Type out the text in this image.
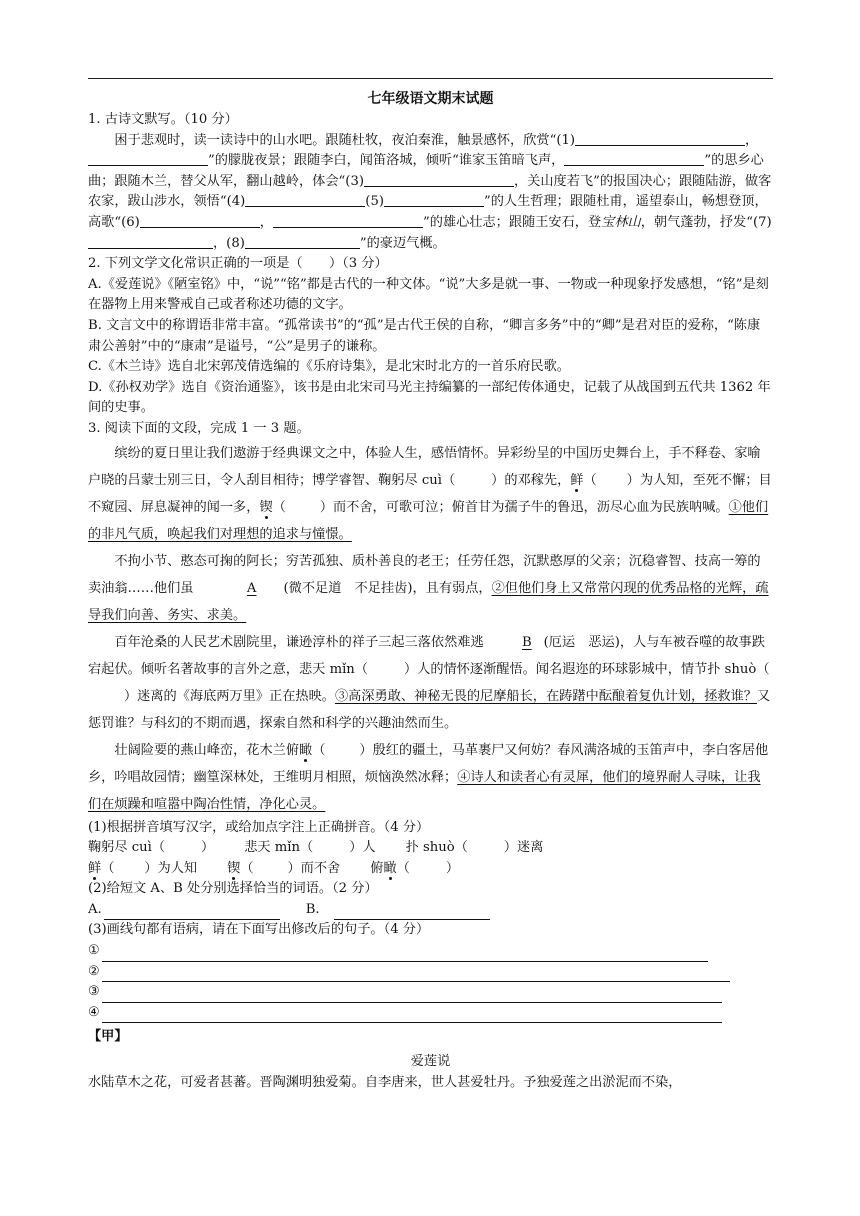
七年级语文期末试题

1. 古诗文默写。（10 分）

困于悲观时，读一读诗中的山水吧。跟随杜牧，夜泊秦淮，触景感怀，欣赏“(1)	，”的朦胧夜景；跟随李白，闻笛洛城，倾听“谁家玉笛暗飞声，	”的思乡心曲；跟随木兰，替父从军，翻山越岭，体会“(3)	，关山度若飞”的报国决心；跟随陆游，做客农家，跋山涉水，领悟“(4)	(5)	”的人生哲理；跟随杜甫，遥望泰山，畅想登顶，高歌“(6)	，	”的雄心壮志；跟随王安石，登宝林山，朝气蓬勃，抒发“(7)，(8)	”的豪迈气概。

2. 下列文学文化常识正确的一项是（　　）（3 分）

A.《爱莲说》《陋室铭》中，“说”“铭”都是古代的一种文体。“说”大多是就一事、一物或一种现象抒发感想，“铭”是刻在器物上用来警戒自己或者称述功德的文字。

B. 文言文中的称谓语非常丰富。“孤常读书”的“孤”是古代王侯的自称，“卿言多务”中的“卿”是君对臣的爱称，“陈康肃公善射”中的“康肃”是谥号，“公”是男子的谦称。

C.《木兰诗》选自北宋郭茂倩选编的《乐府诗集》，是北宋时北方的一首乐府民歌。

D.《孙权劝学》选自《资治通鉴》，该书是由北宋司马光主持编纂的一部纪传体通史，记载了从战国到五代共 1362 年间的史事。

3. 阅读下面的文段，完成 1 一 3 题。

缤纷的夏日里让我们遨游于经典课文之中，体验人生，感悟情怀。异彩纷呈的中国历史舞台上，手不释卷、家喻户晓的吕蒙士别三日，令人刮目相待；博学睿智、鞠躬尽 cuì（	）的邓稼先，鲜（ ）为人知，至死不懈；目不窥园、屏息凝神的闻一多，锲（	）而不舍，可歌可泣；俯首甘为孺子牛的鲁迅，沥尽心血为民族呐喊。①他们的非凡气质，唤起我们对理想的追求与憧憬。

不拘小节、憨态可掬的阿长；穷苦孤独、质朴善良的老王；任劳任怨，沉默憨厚的父亲；沉稳睿智、技高一筹的卖油翁……他们虽	A (微不足道　不足挂齿)，且有弱点，②但他们身上又常常闪现的优秀品格的光辉，疏导我们向善、务实、求美。

百年沧桑的人民艺术剧院里，谦逊淳朴的祥子三起三落依然难逃	B (厄运　恶运)，人与车被吞噬的故事跌宕起伏。倾听名著故事的言外之意，悲天 mǐn（	）人的情怀逐渐醒悟。闻名遐迩的环球影城中，情节扑 shuò（）迷离的《海底两万里》正在热映。③高深勇敢、神秘无畏的尼摩船长，在踌躇中酝酿着复仇计划，拯救谁？又惩罚谁？与科幻的不期而遇，探索自然和科学的兴趣油然而生。

壮阔险要的燕山峰峦，花木兰俯瞰（	）殷红的疆土，马革裹尸又何妨？春风满洛城的玉笛声中，李白客居他乡，吟唱故园情；幽篁深林处，王维明月相照，烦恼涣然冰释；④诗人和读者心有灵犀，他们的境界耐人寻味，让我们在烦躁和喧嚣中陶冶性情，净化心灵。

(1)根据拼音填写汉字，或给加点字注上正确拼音。（4 分）

鞠躬尽 cuì（	） 悲天 mǐn（	）人 扑 shuò（	）迷离
鲜（ ）为人知 锲（	）而不舍 俯瞰（	）

(2)给短文 A、B 处分别选择恰当的词语。（2 分）

A.	B.

(3)画线句都有语病，请在下面写出修改后的句子。（4 分）

①
②
③
④

【甲】

爱莲说

水陆草木之花，可爱者甚蕃。晋陶渊明独爱菊。自李唐来，世人甚爱牡丹。予独爱莲之出淤泥而不染，
